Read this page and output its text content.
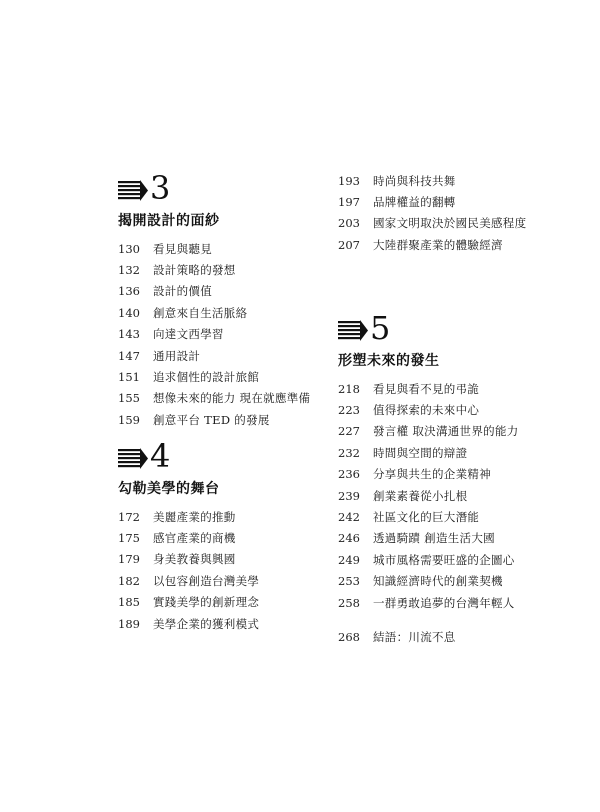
3
揭開設計的面紗
130	看見與聽見
132	設計策略的發想
136	設計的價值
140	創意來自生活脈絡
143	向達文西學習
147	通用設計
151	追求個性的設計旅館
155	想像未來的能力 現在就應準備
159	創意平台 TED 的發展
4
勾勒美學的舞台
172	美麗產業的推動
175	感官產業的商機
179	身美教養與興國
182	以包容創造台灣美學
185	實踐美學的創新理念
189	美學企業的獲利模式
193	時尚與科技共舞
197	品牌權益的翻轉
203	國家文明取決於國民美感程度
207	大陸群聚產業的體驗經濟
5
形塑未來的發生
218	看見與看不見的弔詭
223	值得探索的未來中心
227	發言權 取決溝通世界的能力
232	時間與空間的辯證
236	分享與共生的企業精神
239	創業素養從小扎根
242	社區文化的巨大潛能
246	透過騎蹟 創造生活大國
249	城市風格需要旺盛的企圖心
253	知識經濟時代的創業契機
258	一群勇敢追夢的台灣年輕人
268	結語：川流不息
